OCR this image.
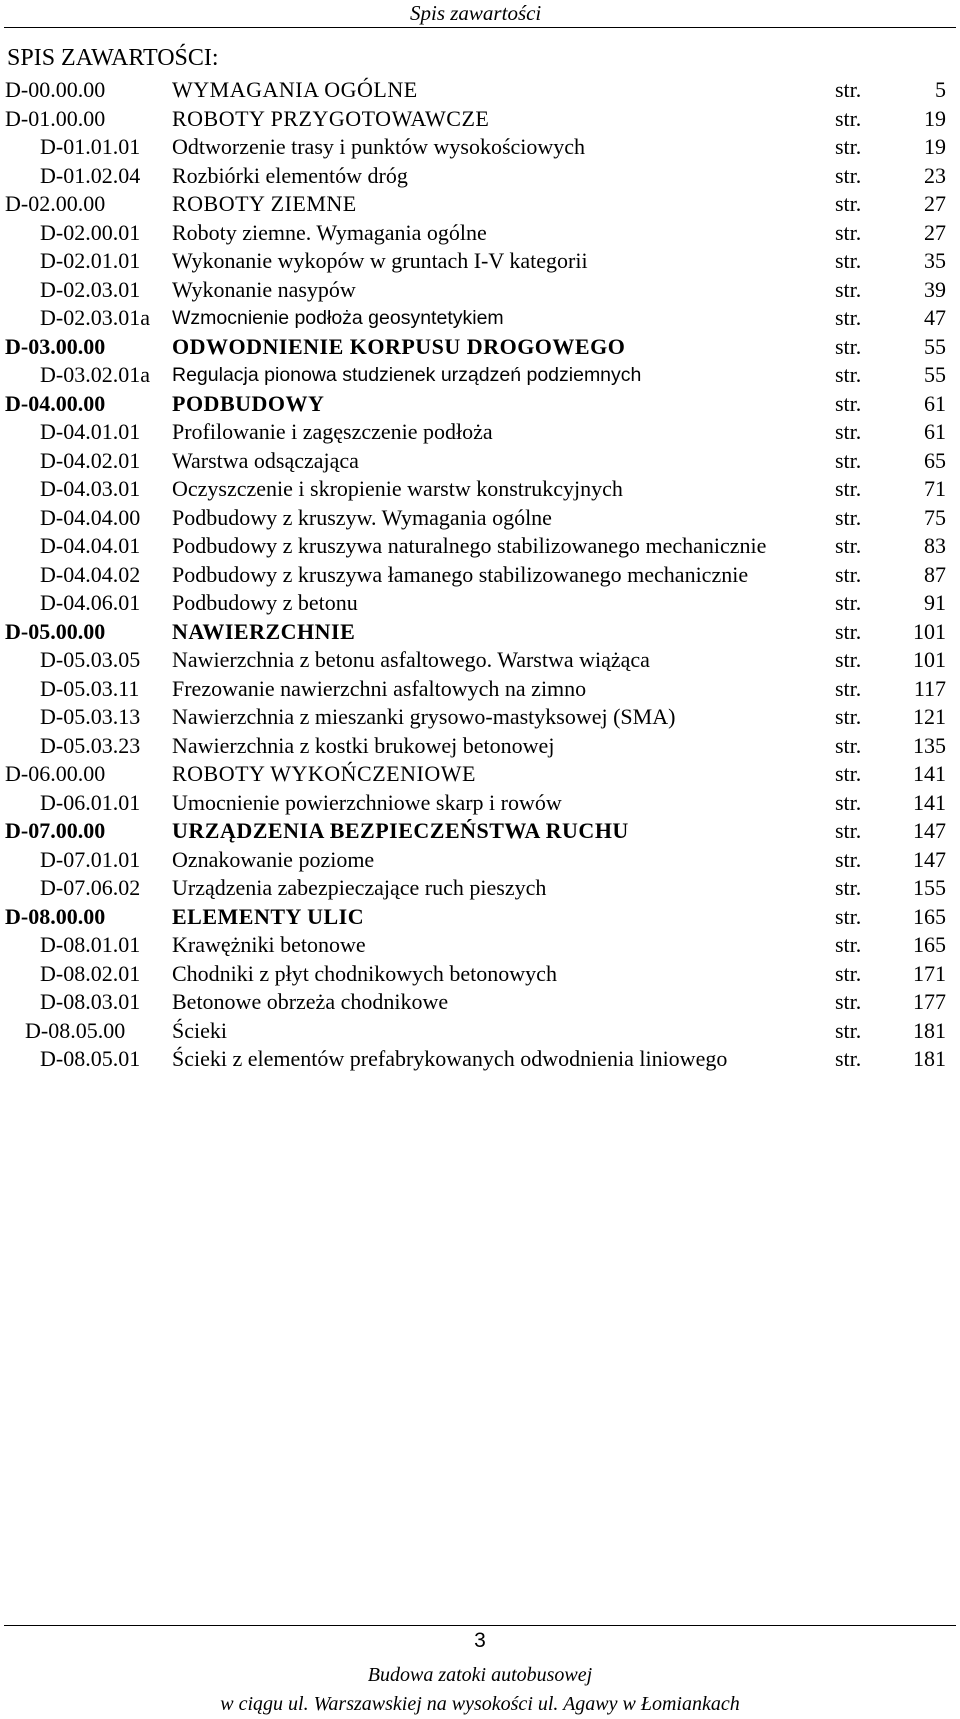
Spis zawartości
SPIS ZAWARTOŚCI:
D-00.00.00	WYMAGANIA OGÓLNE	str.	5
D-01.00.00	ROBOTY PRZYGOTOWAWCZE	str.	19
D-01.01.01 Odtworzenie trasy i punktów wysokościowych	str.	19
D-01.02.04 Rozbiórki elementów dróg	str.	23
D-02.00.00	ROBOTY ZIEMNE	str.	27
D-02.00.01 Roboty ziemne. Wymagania ogólne	str.	27
D-02.01.01 Wykonanie wykopów w gruntach I-V kategorii	str.	35
D-02.03.01 Wykonanie nasypów	str.	39
D-02.03.01a Wzmocnienie podłoża geosyntetykiem	str.	47
D-03.00.00	ODWODNIENIE KORPUSU DROGOWEGO	str.	55
D-03.02.01a Regulacja pionowa studzienek urządzeń podziemnych	str.	55
D-04.00.00	PODBUDOWY	str.	61
D-04.01.01 Profilowanie i zagęszczenie podłoża	str.	61
D-04.02.01 Warstwa odsączająca	str.	65
D-04.03.01 Oczyszczenie i skropienie warstw konstrukcyjnych	str.	71
D-04.04.00 Podbudowy z kruszyw. Wymagania ogólne	str.	75
D-04.04.01 Podbudowy z kruszywa naturalnego stabilizowanego mechanicznie	str.	83
D-04.04.02 Podbudowy z kruszywa łamanego stabilizowanego mechanicznie	str.	87
D-04.06.01 Podbudowy z betonu	str.	91
D-05.00.00	NAWIERZCHNIE	str. 101
D-05.03.05 Nawierzchnia z betonu asfaltowego. Warstwa wiążąca	str. 101
D-05.03.11 Frezowanie nawierzchni asfaltowych na zimno	str. 117
D-05.03.13 Nawierzchnia z mieszanki grysowo-mastyksowej (SMA)	str. 121
D-05.03.23 Nawierzchnia z kostki brukowej betonowej	str. 135
D-06.00.00	ROBOTY WYKOŃCZENIOWE	str. 141
D-06.01.01 Umocnienie powierzchniowe skarp i rowów	str. 141
D-07.00.00	URZĄDZENIA BEZPIECZEŃSTWA RUCHU	str. 147
D-07.01.01 Oznakowanie poziome	str. 147
D-07.06.02 Urządzenia zabezpieczające ruch pieszych	str. 155
D-08.00.00	ELEMENTY ULIC	str. 165
D-08.01.01 Krawężniki betonowe	str. 165
D-08.02.01 Chodniki z płyt chodnikowych betonowych	str. 171
D-08.03.01 Betonowe obrzeża chodnikowe	str. 177
D-08.05.00 Ścieki	str. 181
D-08.05.01 Ścieki z elementów prefabrykowanych odwodnienia liniowego	str. 181
3
Budowa zatoki autobusowej
w ciągu ul. Warszawskiej na wysokości ul. Agawy w Łomiankach
